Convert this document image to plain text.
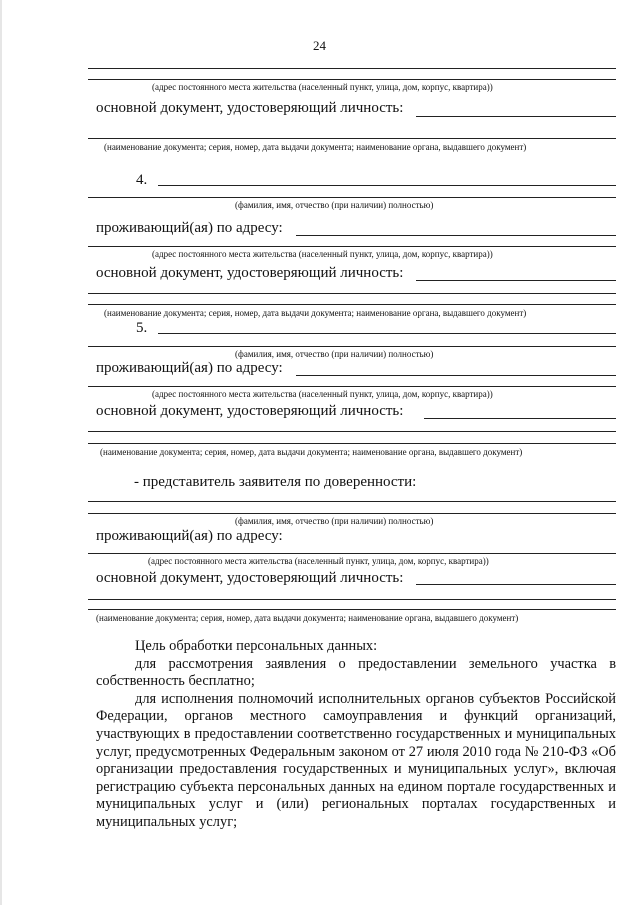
24
(адрес постоянного места жительства (населенный пункт, улица, дом, корпус, квартира))
основной документ, удостоверяющий личность:
(наименование документа; серия, номер, дата выдачи документа; наименование органа, выдавшего документ)
4.
(фамилия, имя, отчество (при наличии) полностью)
проживающий(ая) по адресу:
(адрес постоянного места жительства (населенный пункт, улица, дом, корпус, квартира))
основной документ, удостоверяющий личность:
(наименование документа; серия, номер, дата выдачи документа; наименование органа, выдавшего документ)
5.
(фамилия, имя, отчество (при наличии) полностью)
проживающий(ая) по адресу:
(адрес постоянного места жительства (населенный пункт, улица, дом, корпус, квартира))
основной документ, удостоверяющий личность:
(наименование документа; серия, номер, дата выдачи документа; наименование органа, выдавшего документ)
- представитель заявителя по доверенности:
(фамилия, имя, отчество (при наличии) полностью)
проживающий(ая) по адресу:
(адрес постоянного места жительства (населенный пункт, улица, дом, корпус, квартира))
основной документ, удостоверяющий личность:
(наименование документа; серия, номер, дата выдачи документа; наименование органа, выдавшего документ)

Цель обработки персональных данных:

для рассмотрения заявления о предоставлении земельного участка в собственность бесплатно;

для исполнения полномочий исполнительных органов субъектов Российской Федерации, органов местного самоуправления и функций организаций, участвующих в предоставлении соответственно государственных и муниципальных услуг, предусмотренных Федеральным законом от 27 июля 2010 года № 210-ФЗ «Об организации предоставления государственных и муниципальных услуг», включая регистрацию субъекта персональных данных на едином портале государственных и муниципальных услуг и (или) региональных порталах государственных и муниципальных услуг;
